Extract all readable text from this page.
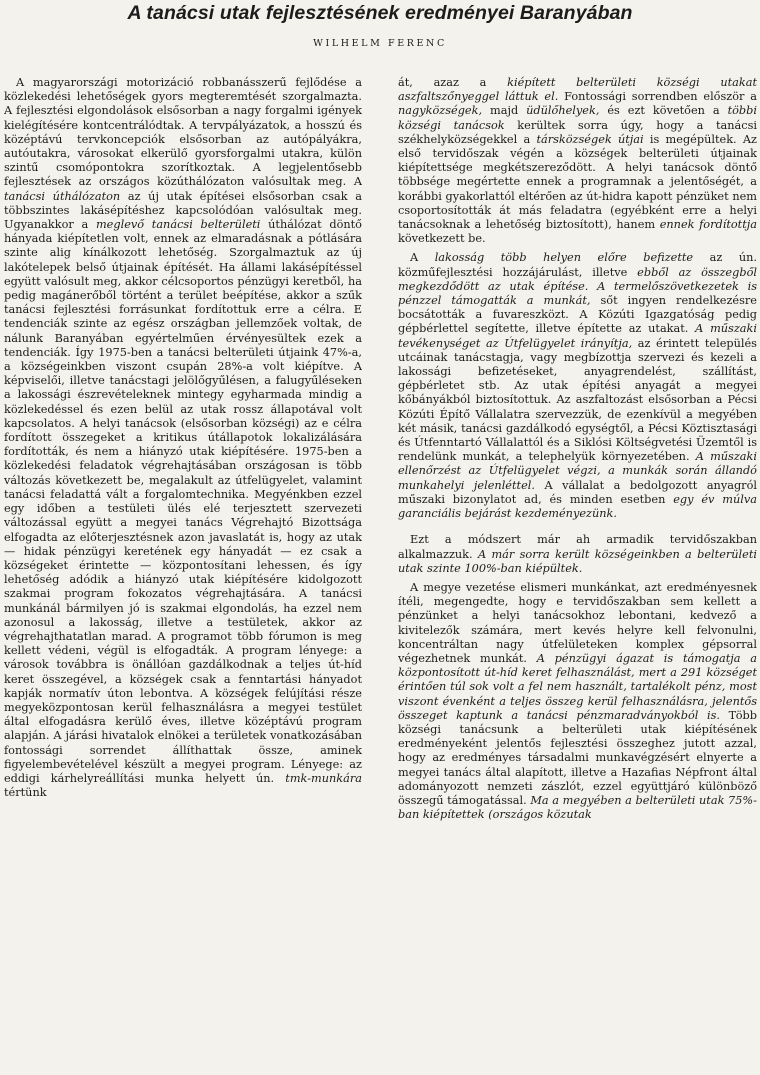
A tanácsi utak fejlesztésének eredményei Baranyában
WILHELM FERENC

A magyarországi motorizáció robbanásszerű fejlődése a közlekedési lehetőségek gyors megteremtését szorgalmazta. A fejlesztési elgondolások elsősorban a nagy forgalmi igények kielégítésére kontcentrálódtak. A tervpályázatok, a hosszú és középtávú tervkoncepciók elsősorban az autópályákra, autóutakra, városokat elkerülő gyorsforgalmi utakra, külön szintű csomópontokra szorítkoztak. A legjelentősebb fejlesztések az országos közúthálózaton valósultak meg. A tanácsi úthálózaton az új utak építései elsősorban csak a többszintes lakásépítéshez kapcsolódóan valósultak meg. Ugyanakkor a meglevő tanácsi belterületi úthálózat döntő hányada kiépítetlen volt, ennek az elmaradásnak a pótlására szinte alig kínálkozott lehetőség. Szorgalmaztuk az új lakótelepek belső útjainak építését. Ha állami lakásépítéssel együtt valósult meg, akkor célcsoportos pénzügyi keretből, ha pedig magánerőből történt a terület beépítése, akkor a szűk tanácsi fejlesztési forrásunkat fordítottuk erre a célra. E tendenciák szinte az egész országban jellemzőek voltak, de nálunk Baranyában egyértelműen érvényesültek ezek a tendenciák. Így 1975-ben a tanácsi belterületi útjaink 47%-a, a községeinkben viszont csupán 28%-a volt kiépítve. A képviselői, illetve tanácstagi jelölőgyűlésen, a falugyűléseken a lakossági észrevételeknek mintegy egyharmada mindig a közlekedéssel és ezen belül az utak rossz állapotával volt kapcsolatos. A helyi tanácsok (elsősorban községi) az e célra fordított összegeket a kritikus útállapotok lokalizálására fordították, és nem a hiányzó utak kiépítésére. 1975-ben a közlekedési feladatok végrehajtásában országosan is több változás következett be, megalakult az útfelügyelet, valamint tanácsi feladattá vált a forgalomtechnika. Megyénkben ezzel egy időben a testületi ülés elé terjesztett szervezeti változással együtt a megyei tanács Végrehajtó Bizottsága elfogadta az előterjesztésnek azon javaslatát is, hogy az utak — hidak pénzügyi keretének egy hányadát — ez csak a községeket érintette — központosítani lehessen, és így lehetőség adódik a hiányzó utak kiépítésére kidolgozott szakmai program fokozatos végrehajtására. A tanácsi munkánál bármilyen jó is szakmai elgondolás, ha ezzel nem azonosul a lakosság, illetve a testületek, akkor az végrehajthatatlan marad. A programot több fórumon is meg kellett védeni, végül is elfogadták. A program lényege: a városok továbbra is önállóan gazdálkodnak a teljes út-híd keret összegével, a községek csak a fenntartási hányadot kapják normatív úton lebontva. A községek felújítási része megyeközpontosan kerül felhasználásra a megyei testület által elfogadásra kerülő éves, illetve középtávú program alapján. A járási hivatalok elnökei a területek vonatkozásában fontossági sorrendet állíthattak össze, aminek figyelembevételével készült a megyei program. Lényege: az eddigi kárhelyreállítási munka helyett ún. tmk-munkára tértünk

át, azaz a kiépített belterületi községi utakat aszfaltszőnyeggel láttuk el. Fontossági sorrendben először a nagyközségek, majd üdülőhelyek, és ezt követően a többi községi tanácsok kerültek sorra úgy, hogy a tanácsi székhelyközségekkel a társközségek útjai is megépültek. Az első tervidőszak végén a községek belterületi útjainak kiépítettsége megkétszereződött. A helyi tanácsok döntő többsége megértette ennek a programnak a jelentőségét, a korábbi gyakorlattól eltérően az út-hidra kapott pénzüket nem csoportosították át más feladatra (egyébként erre a helyi tanácsoknak a lehetőség biztosított), hanem ennek fordítottja következett be.

A lakosság több helyen előre befizette az ún. közműfejlesztési hozzájárulást, illetve ebből az összegből megkezdődött az utak építése. A termelőszövetkezetek is pénzzel támogatták a munkát, sőt ingyen rendelkezésre bocsátották a fuvareszközt. A Közúti Igazgatóság pedig gépbérlettel segítette, illetve építette az utakat. A műszaki tevékenységet az Útfelügyelet irányítja, az érintett település utcáinak tanácstagja, vagy megbízottja szervezi és kezeli a lakossági befizetéseket, anyagrendelést, szállítást, gépbérletet stb. Az utak építési anyagát a megyei kőbányákból biztosítottuk. Az aszfaltozást elsősorban a Pécsi Közúti Építő Vállalatra szervezzük, de ezenkívül a megyében két másik, tanácsi gazdálkodó egységtől, a Pécsi Köztisztasági és Útfenntartó Vállalattól és a Siklósi Költségvetési Üzemtől is rendelünk munkát, a telephelyük környezetében. A műszaki ellenőrzést az Útfelügyelet végzi, a munkák során állandó munkahelyi jelenléttel. A vállalat a bedolgozott anyagról műszaki bizonylatot ad, és minden esetben egy év múlva garanciális bejárást kezdeményezünk.

Ezt a módszert már ah armadik tervidőszakban alkalmazzuk. A már sorra került községeinkben a belterületi utak szinte 100%-ban kiépültek.

A megye vezetése elismeri munkánkat, azt eredményesnek ítéli, megengedte, hogy e tervidőszakban sem kellett a pénzünket a helyi tanácsokhoz lebontani, kedvező a kivitelezők számára, mert kevés helyre kell felvonulni, koncentráltan nagy útfelületeken komplex gépsorral végezhetnek munkát. A pénzügyi ágazat is támogatja a központosított út-híd keret felhasználást, mert a 291 községet érintően túl sok volt a fel nem használt, tartalékolt pénz, most viszont évenként a teljes összeg kerül felhasználásra, jelentős összeget kaptunk a tanácsi pénzmaradványokból is. Több községi tanácsunk a belterületi utak kiépítésének eredményeként jelentős fejlesztési összeghez jutott azzal, hogy az eredményes társadalmi munkavégzésért elnyerte a megyei tanács által alapított, illetve a Hazafias Népfront által adományozott nemzeti zászlót, ezzel együttjáró különböző összegű támogatással. Ma a megyében a belterületi utak 75%-ban kiépítettek (országos közutak
